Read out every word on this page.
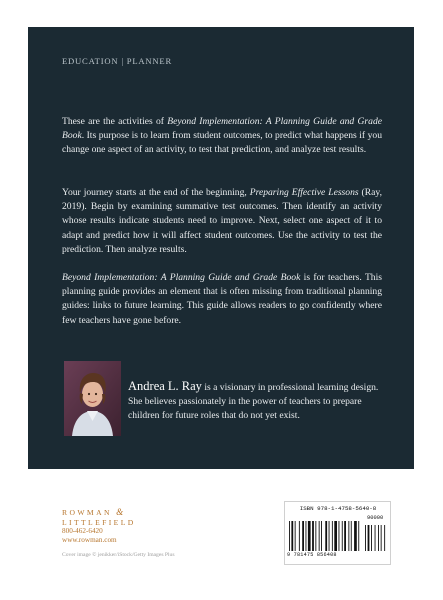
EDUCATION | PLANNER

These are the activities of Beyond Implementation: A Planning Guide and Grade Book. Its purpose is to learn from student outcomes, to predict what happens if you change one aspect of an activity, to test that prediction, and analyze test results.

Your journey starts at the end of the beginning, Preparing Effective Lessons (Ray, 2019). Begin by examining summative test outcomes. Then identify an activity whose results indicate students need to improve. Next, select one aspect of it to adapt and predict how it will affect student outcomes. Use the activity to test the prediction. Then analyze results.

Beyond Implementation: A Planning Guide and Grade Book is for teachers. This planning guide provides an element that is often missing from traditional planning guides: links to future learning. This guide allows readers to go confidently where few teachers have gone before.

Andrea L. Ray is a visionary in professional learning design. She believes passionately in the power of teachers to prepare children for future roles that do not yet exist.

ROWMAN &
LITTLEFIELD
800-462-6420
www.rowman.com
Cover image © jenikker/iStock/Getty Images Plus
ISBN 978-1-4758-5640-8
90000
9 781475 856408
